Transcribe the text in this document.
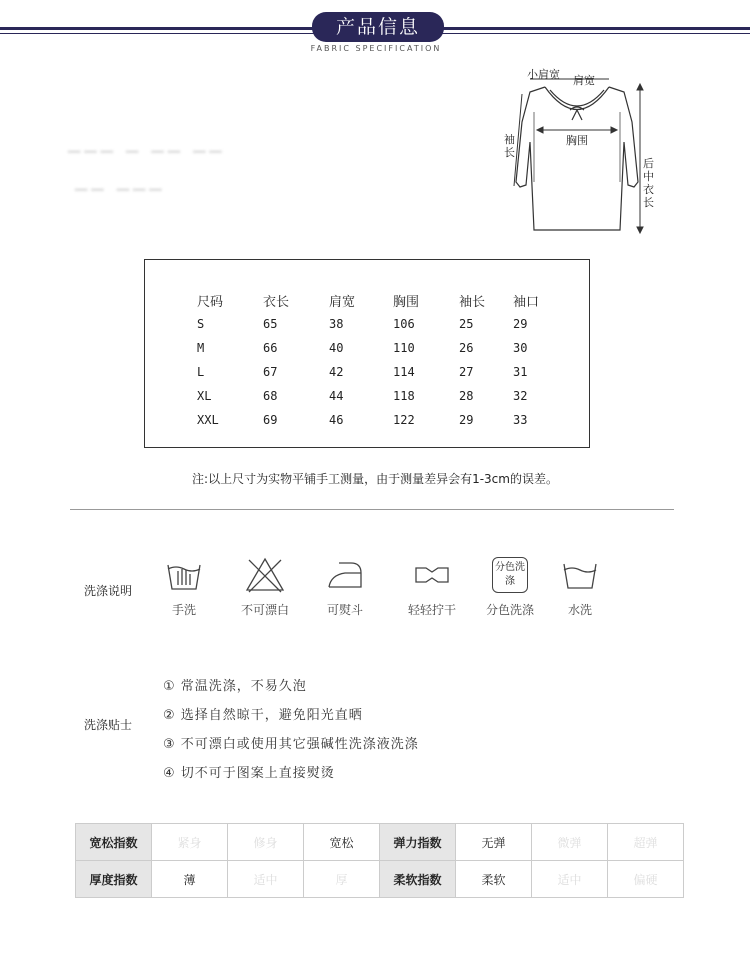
产品信息
FABRIC SPECIFICATION
▁▁▁ ▁ ▁▁ ▁▁
▁▁ ▁▁▁
小肩宽 肩宽
袖长
胸围
后中衣长
尺码	衣长	肩宽	胸围	袖长	袖口
S	65	38	106	25	29
M	66	40	110	26	30
L	67	42	114	27	31
XL	68	44	118	28	32
XXL	69	46	122	29	33
注:以上尺寸为实物平铺手工测量，由于测量差异会有1-3cm的误差。
洗涤说明
手洗	不可漂白	可熨斗	轻轻拧干
分色洗涤
分色洗涤	水洗
洗涤贴士
① 常温洗涤，不易久泡
② 选择自然晾干，避免阳光直晒
③ 不可漂白或使用其它强碱性洗涤液洗涤
④ 切不可于图案上直接熨烫
宽松指数	紧身	修身	宽松	弹力指数	无弹	微弹	超弹
厚度指数	薄	适中	厚	柔软指数	柔软	适中	偏硬
